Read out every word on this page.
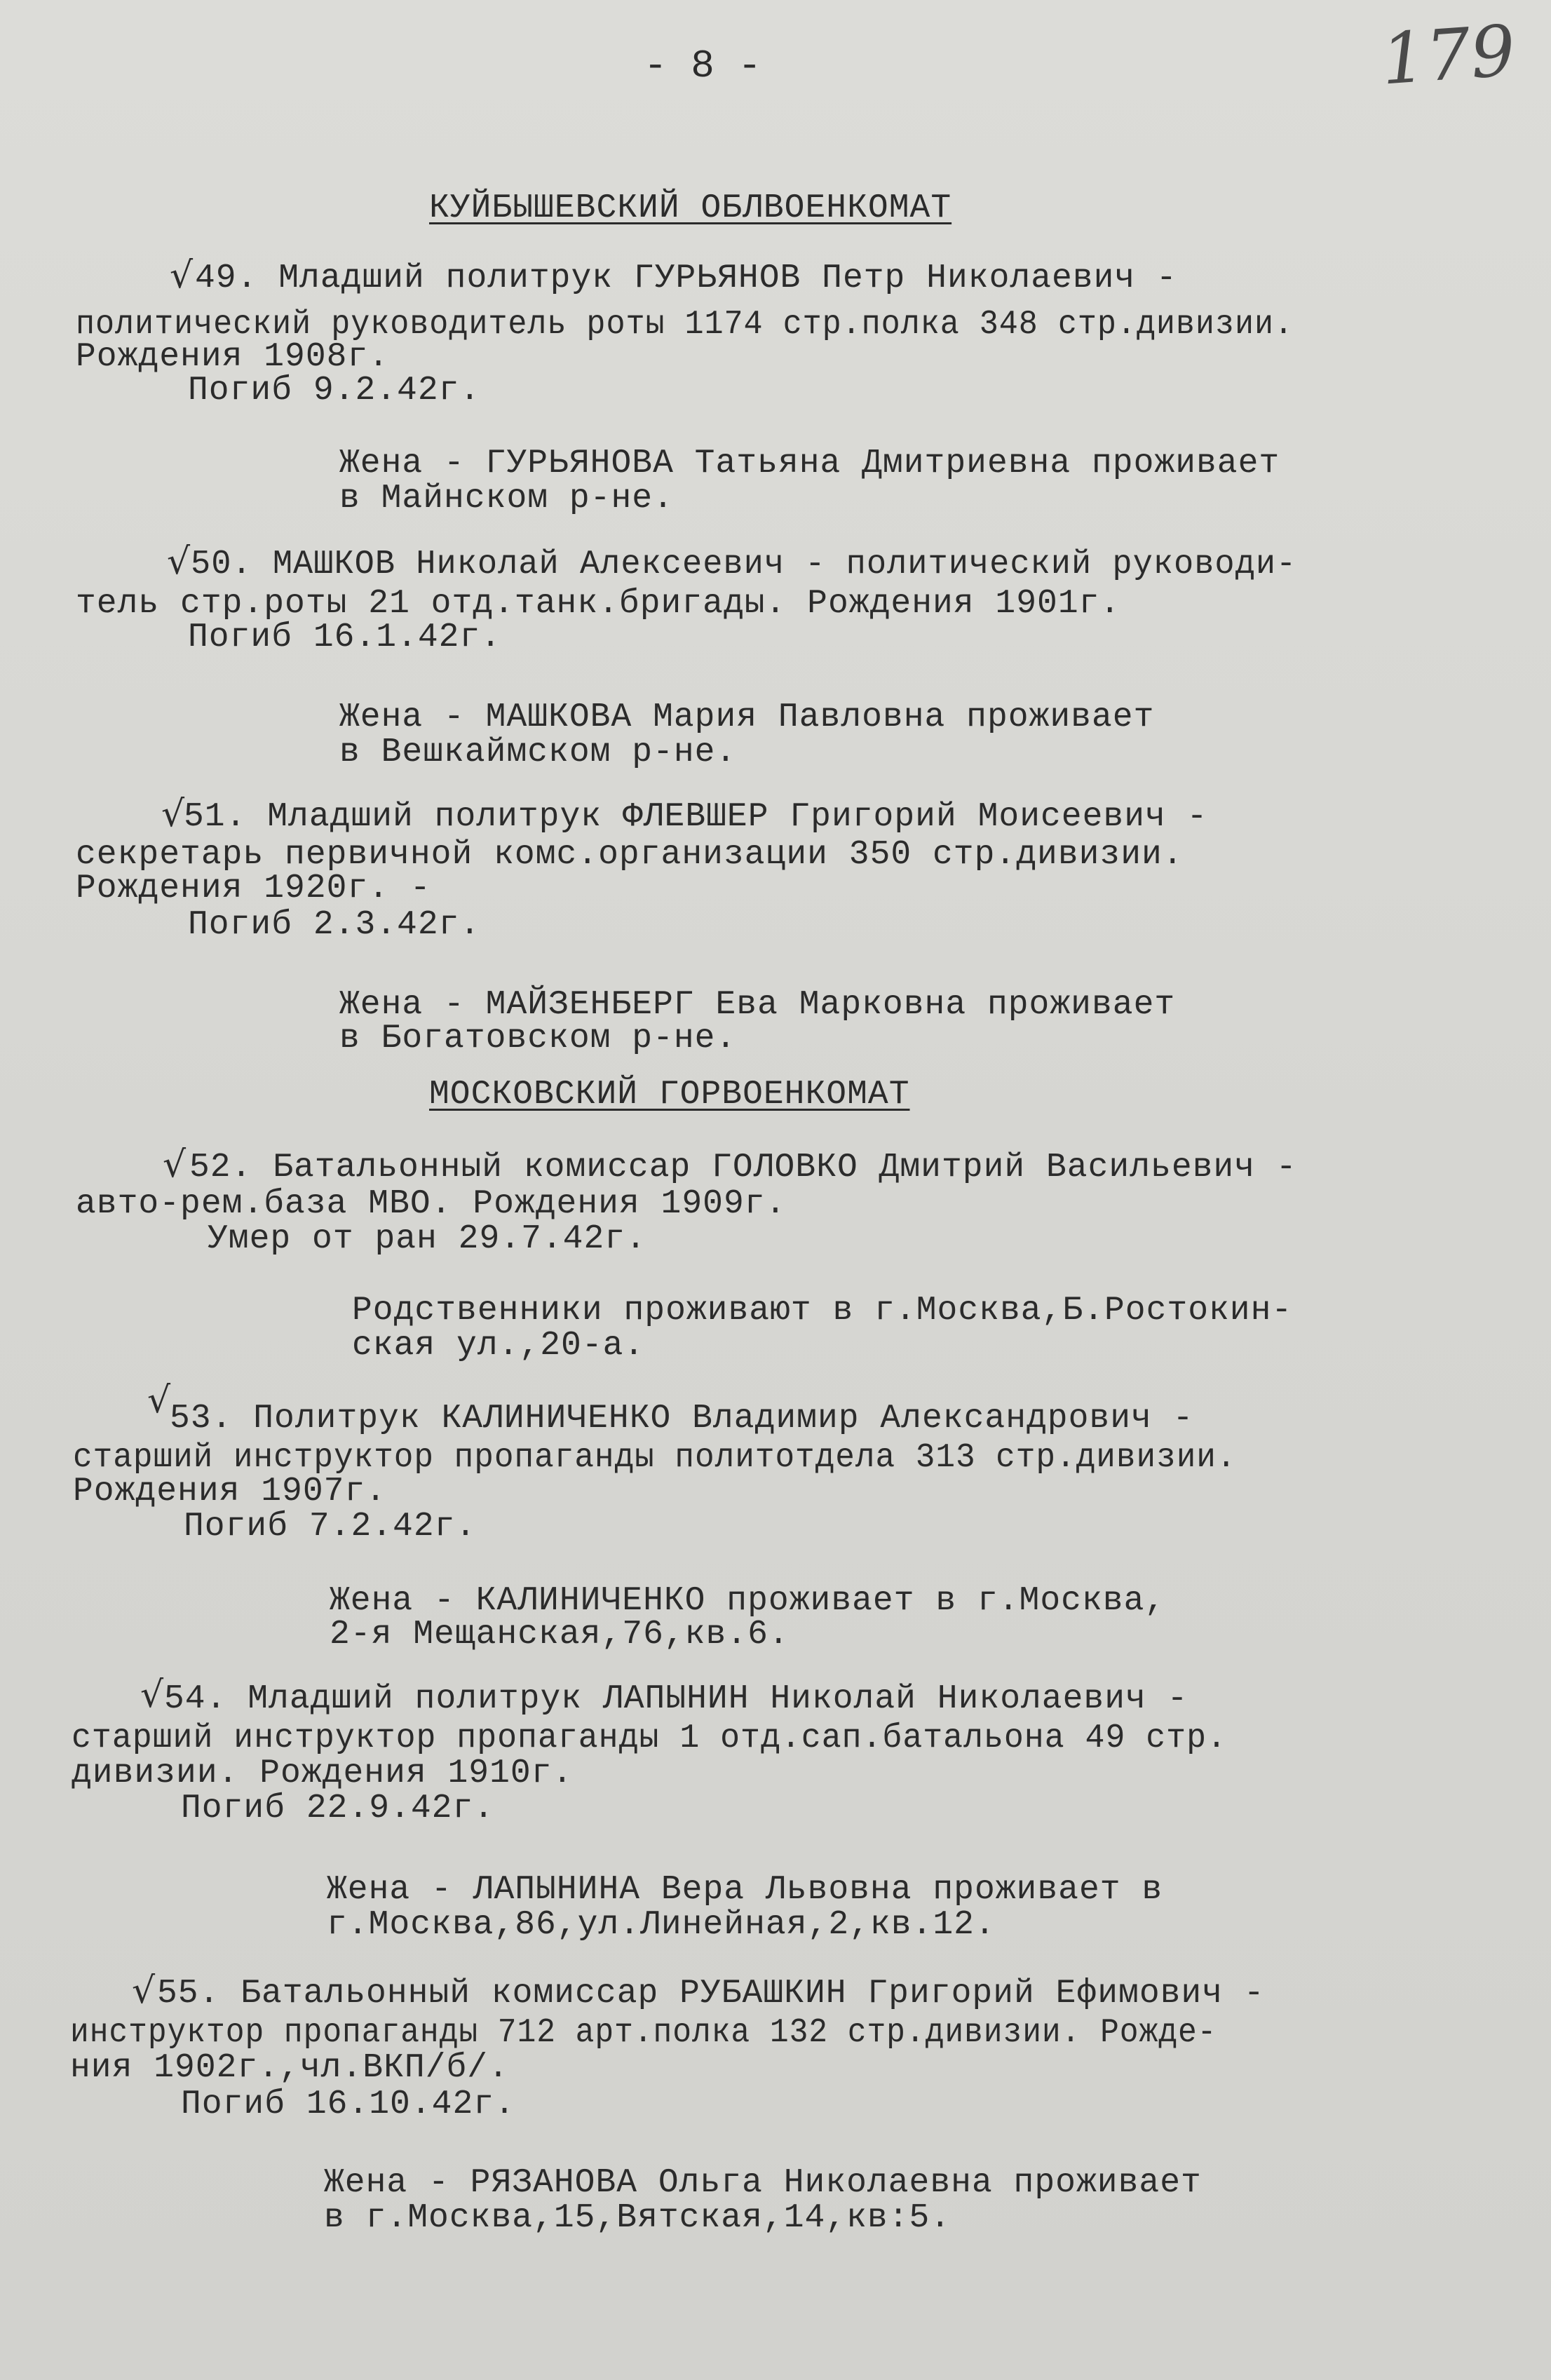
- 8 -	179
КУЙБЫШЕВСКИЙ ОБЛВОЕНКОМАТ
√ 49. Младший политрук ГУРЬЯНОВ Петр Николаевич -
политический руководитель роты 1174 стр.полка 348 стр.дивизии.
Рождения 1908г.
Погиб 9.2.42г.
Жена - ГУРЬЯНОВА Татьяна Дмитриевна проживает
в Майнском р-не.
√ 50. МАШКОВ Николай Алексеевич - политический руководи-
тель стр.роты 21 отд.танк.бригады. Рождения 1901г.
Погиб 16.1.42г.
Жена - МАШКОВА Мария Павловна проживает
в Вешкаймском р-не.
√
51. Младший политрук ФЛЕВШЕР Григорий Моисеевич -
секретарь первичной комс.организации 350 стр.дивизии.
Рождения 1920г. -
Погиб 2.3.42г.
Жена - МАЙЗЕНБЕРГ Ева Марковна проживает
в Богатовском р-не.
МОСКОВСКИЙ ГОРВОЕНКОМАТ
√ 52. Батальонный комиссар ГОЛОВКО Дмитрий Васильевич -
авто-рем.база МВО. Рождения 1909г.
Умер от ран 29.7.42г.
Родственники проживают в г.Москва,Б.Ростокин-
ская ул.,20-а.
√
53. Политрук КАЛИНИЧЕНКО Владимир Александрович -
старший инструктор пропаганды политотдела 313 стр.дивизии.
Рождения 1907г.
Погиб 7.2.42г.
Жена - КАЛИНИЧЕНКО проживает в г.Москва,
2-я Мещанская,76,кв.6.
√ 54. Младший политрук ЛАПЫНИН Николай Николаевич -
старший инструктор пропаганды 1 отд.сап.батальона 49 стр.
дивизии. Рождения 1910г.
Погиб 22.9.42г.
Жена - ЛАПЫНИНА Вера Львовна проживает в
г.Москва,86,ул.Линейная,2,кв.12.
√ 55. Батальонный комиссар РУБАШКИН Григорий Ефимович -
инструктор пропаганды 712 арт.полка 132 стр.дивизии. Рожде-
ния 1902г.,чл.ВКП/б/.
Погиб 16.10.42г.
Жена - РЯЗАНОВА Ольга Николаевна проживает
в г.Москва,15,Вятская,14,кв:5.
